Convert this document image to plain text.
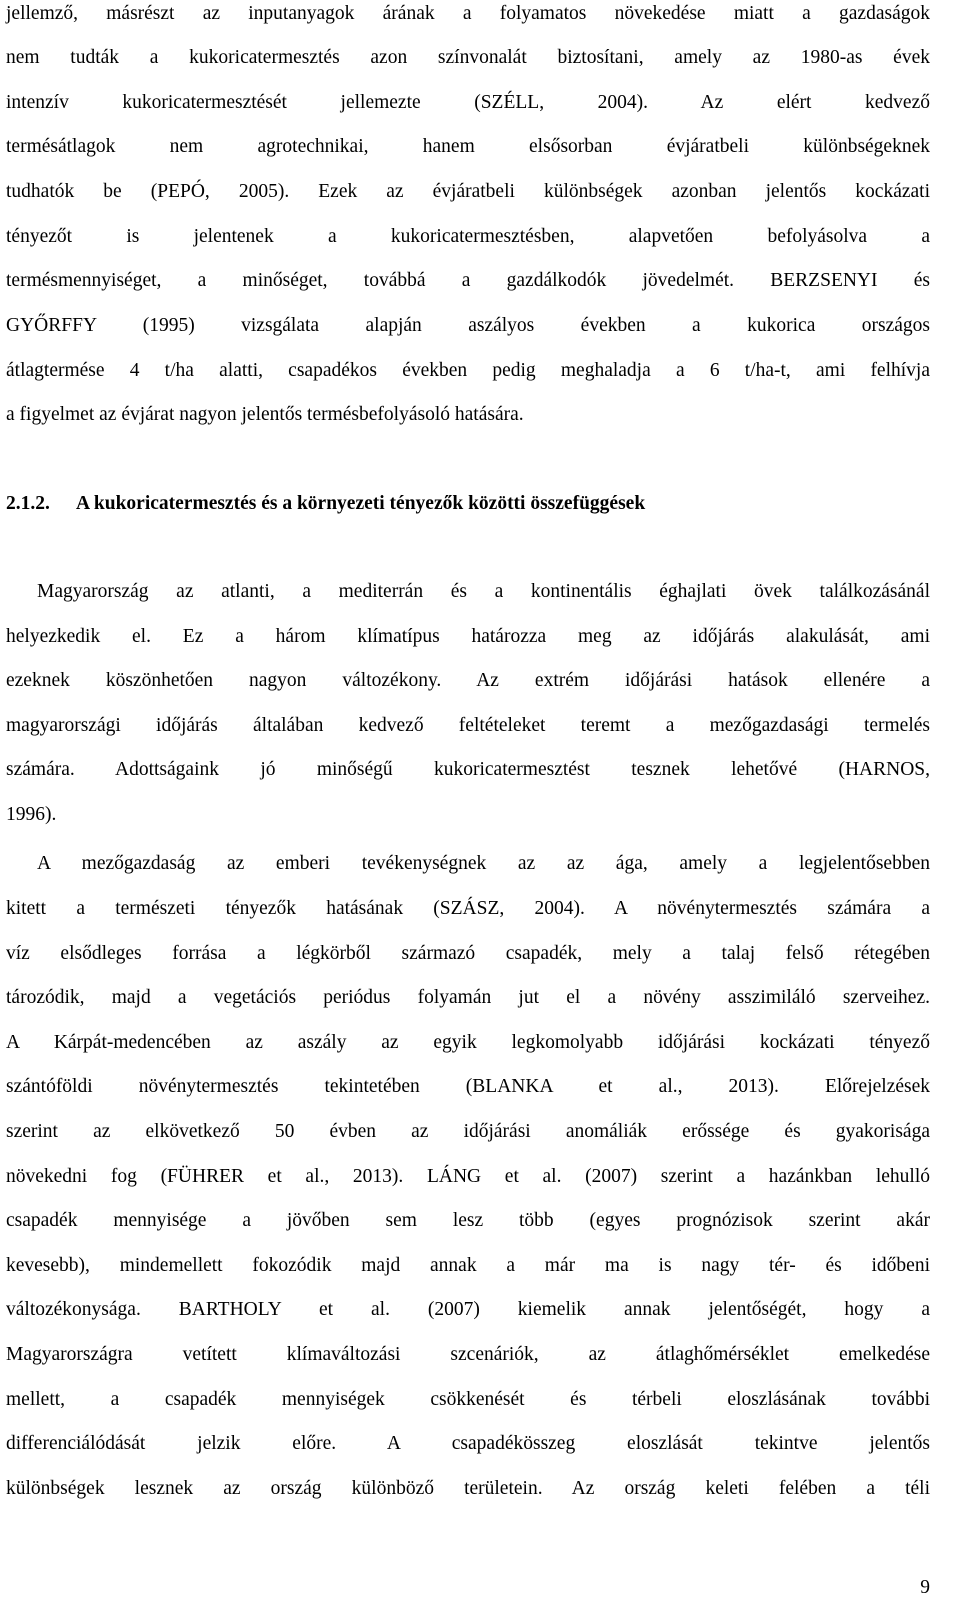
jellemző, másrészt az inputanyagok árának a folyamatos növekedése miatt a gazdaságok
nem tudták a kukoricatermesztés azon színvonalát biztosítani, amely az 1980-as évek
intenzív kukoricatermesztését jellemezte (SZÉLL, 2004). Az elért kedvező
termésátlagok nem agrotechnikai, hanem elsősorban évjáratbeli különbségeknek
tudhatók be (PEPÓ, 2005). Ezek az évjáratbeli különbségek azonban jelentős kockázati
tényezőt is jelentenek a kukoricatermesztésben, alapvetően befolyásolva a
termésmennyiséget, a minőséget, továbbá a gazdálkodók jövedelmét. BERZSENYI és
GYŐRFFY (1995) vizsgálata alapján aszályos években a kukorica országos
átlagtermése 4 t/ha alatti, csapadékos években pedig meghaladja a 6 t/ha-t, ami felhívja
a figyelmet az évjárat nagyon jelentős termésbefolyásoló hatására.
2.1.2. A kukoricatermesztés és a környezeti tényezők közötti összefüggések
Magyarország az atlanti, a mediterrán és a kontinentális éghajlati övek találkozásánál
helyezkedik el. Ez a három klímatípus határozza meg az időjárás alakulását, ami
ezeknek köszönhetően nagyon változékony. Az extrém időjárási hatások ellenére a
magyarországi időjárás általában kedvező feltételeket teremt a mezőgazdasági termelés
számára. Adottságaink jó minőségű kukoricatermesztést tesznek lehetővé (HARNOS,
1996).
A mezőgazdaság az emberi tevékenységnek az az ága, amely a legjelentősebben
kitett a természeti tényezők hatásának (SZÁSZ, 2004). A növénytermesztés számára a
víz elsődleges forrása a légkörből származó csapadék, mely a talaj felső rétegében
tározódik, majd a vegetációs periódus folyamán jut el a növény asszimiláló szerveihez.
A Kárpát-medencében az aszály az egyik legkomolyabb időjárási kockázati tényező
szántóföldi növénytermesztés tekintetében (BLANKA et al., 2013). Előrejelzések
szerint az elkövetkező 50 évben az időjárási anomáliák erőssége és gyakorisága
növekedni fog (FÜHRER et al., 2013). LÁNG et al. (2007) szerint a hazánkban lehulló
csapadék mennyisége a jövőben sem lesz több (egyes prognózisok szerint akár
kevesebb), mindemellett fokozódik majd annak a már ma is nagy tér- és időbeni
változékonysága. BARTHOLY et al. (2007) kiemelik annak jelentőségét, hogy a
Magyarországra vetített klímaváltozási szcenáriók, az átlaghőmérséklet emelkedése
mellett, a csapadék mennyiségek csökkenését és térbeli eloszlásának további
differenciálódását jelzik előre. A csapadékösszeg eloszlását tekintve jelentős
különbségek lesznek az ország különböző területein. Az ország keleti felében a téli
9
